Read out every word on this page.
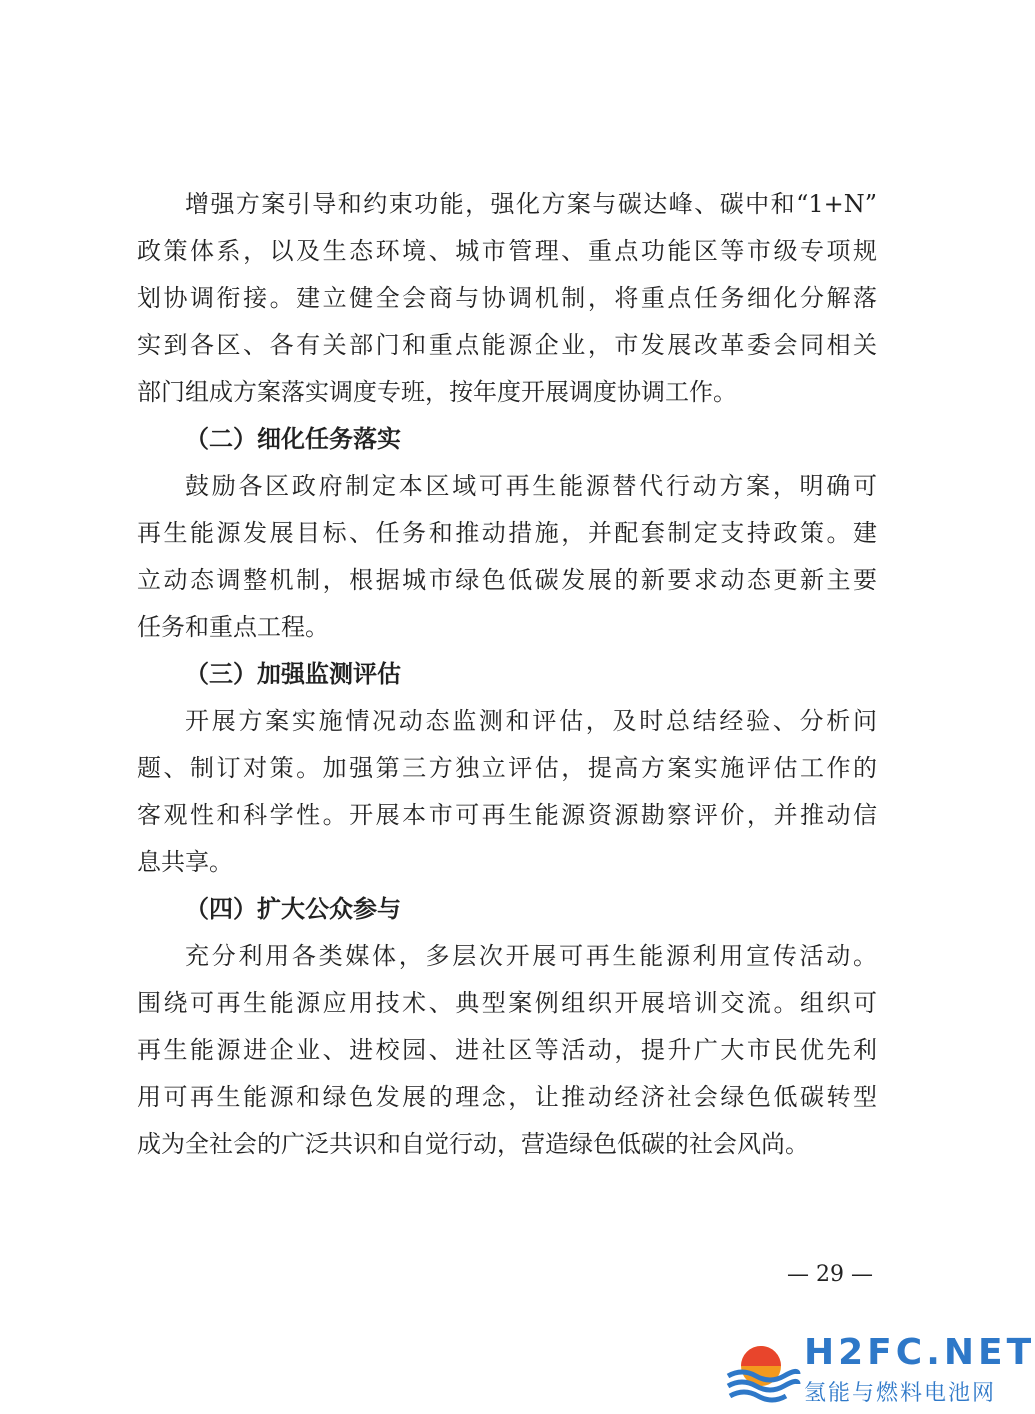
增强方案引导和约束功能，强化方案与碳达峰、碳中和“1+N”
政策体系，以及生态环境、城市管理、重点功能区等市级专项规
划协调衔接。建立健全会商与协调机制，将重点任务细化分解落
实到各区、各有关部门和重点能源企业，市发展改革委会同相关
部门组成方案落实调度专班，按年度开展调度协调工作。
（二）细化任务落实
鼓励各区政府制定本区域可再生能源替代行动方案，明确可
再生能源发展目标、任务和推动措施，并配套制定支持政策。建
立动态调整机制，根据城市绿色低碳发展的新要求动态更新主要
任务和重点工程。
（三）加强监测评估
开展方案实施情况动态监测和评估，及时总结经验、分析问
题、制订对策。加强第三方独立评估，提高方案实施评估工作的
客观性和科学性。开展本市可再生能源资源勘察评价，并推动信
息共享。
（四）扩大公众参与
充分利用各类媒体，多层次开展可再生能源利用宣传活动。
围绕可再生能源应用技术、典型案例组织开展培训交流。组织可
再生能源进企业、进校园、进社区等活动，提升广大市民优先利
用可再生能源和绿色发展的理念，让推动经济社会绿色低碳转型
成为全社会的广泛共识和自觉行动，营造绿色低碳的社会风尚。
— 29 —
H2FC.NET
氢能与燃料电池网
